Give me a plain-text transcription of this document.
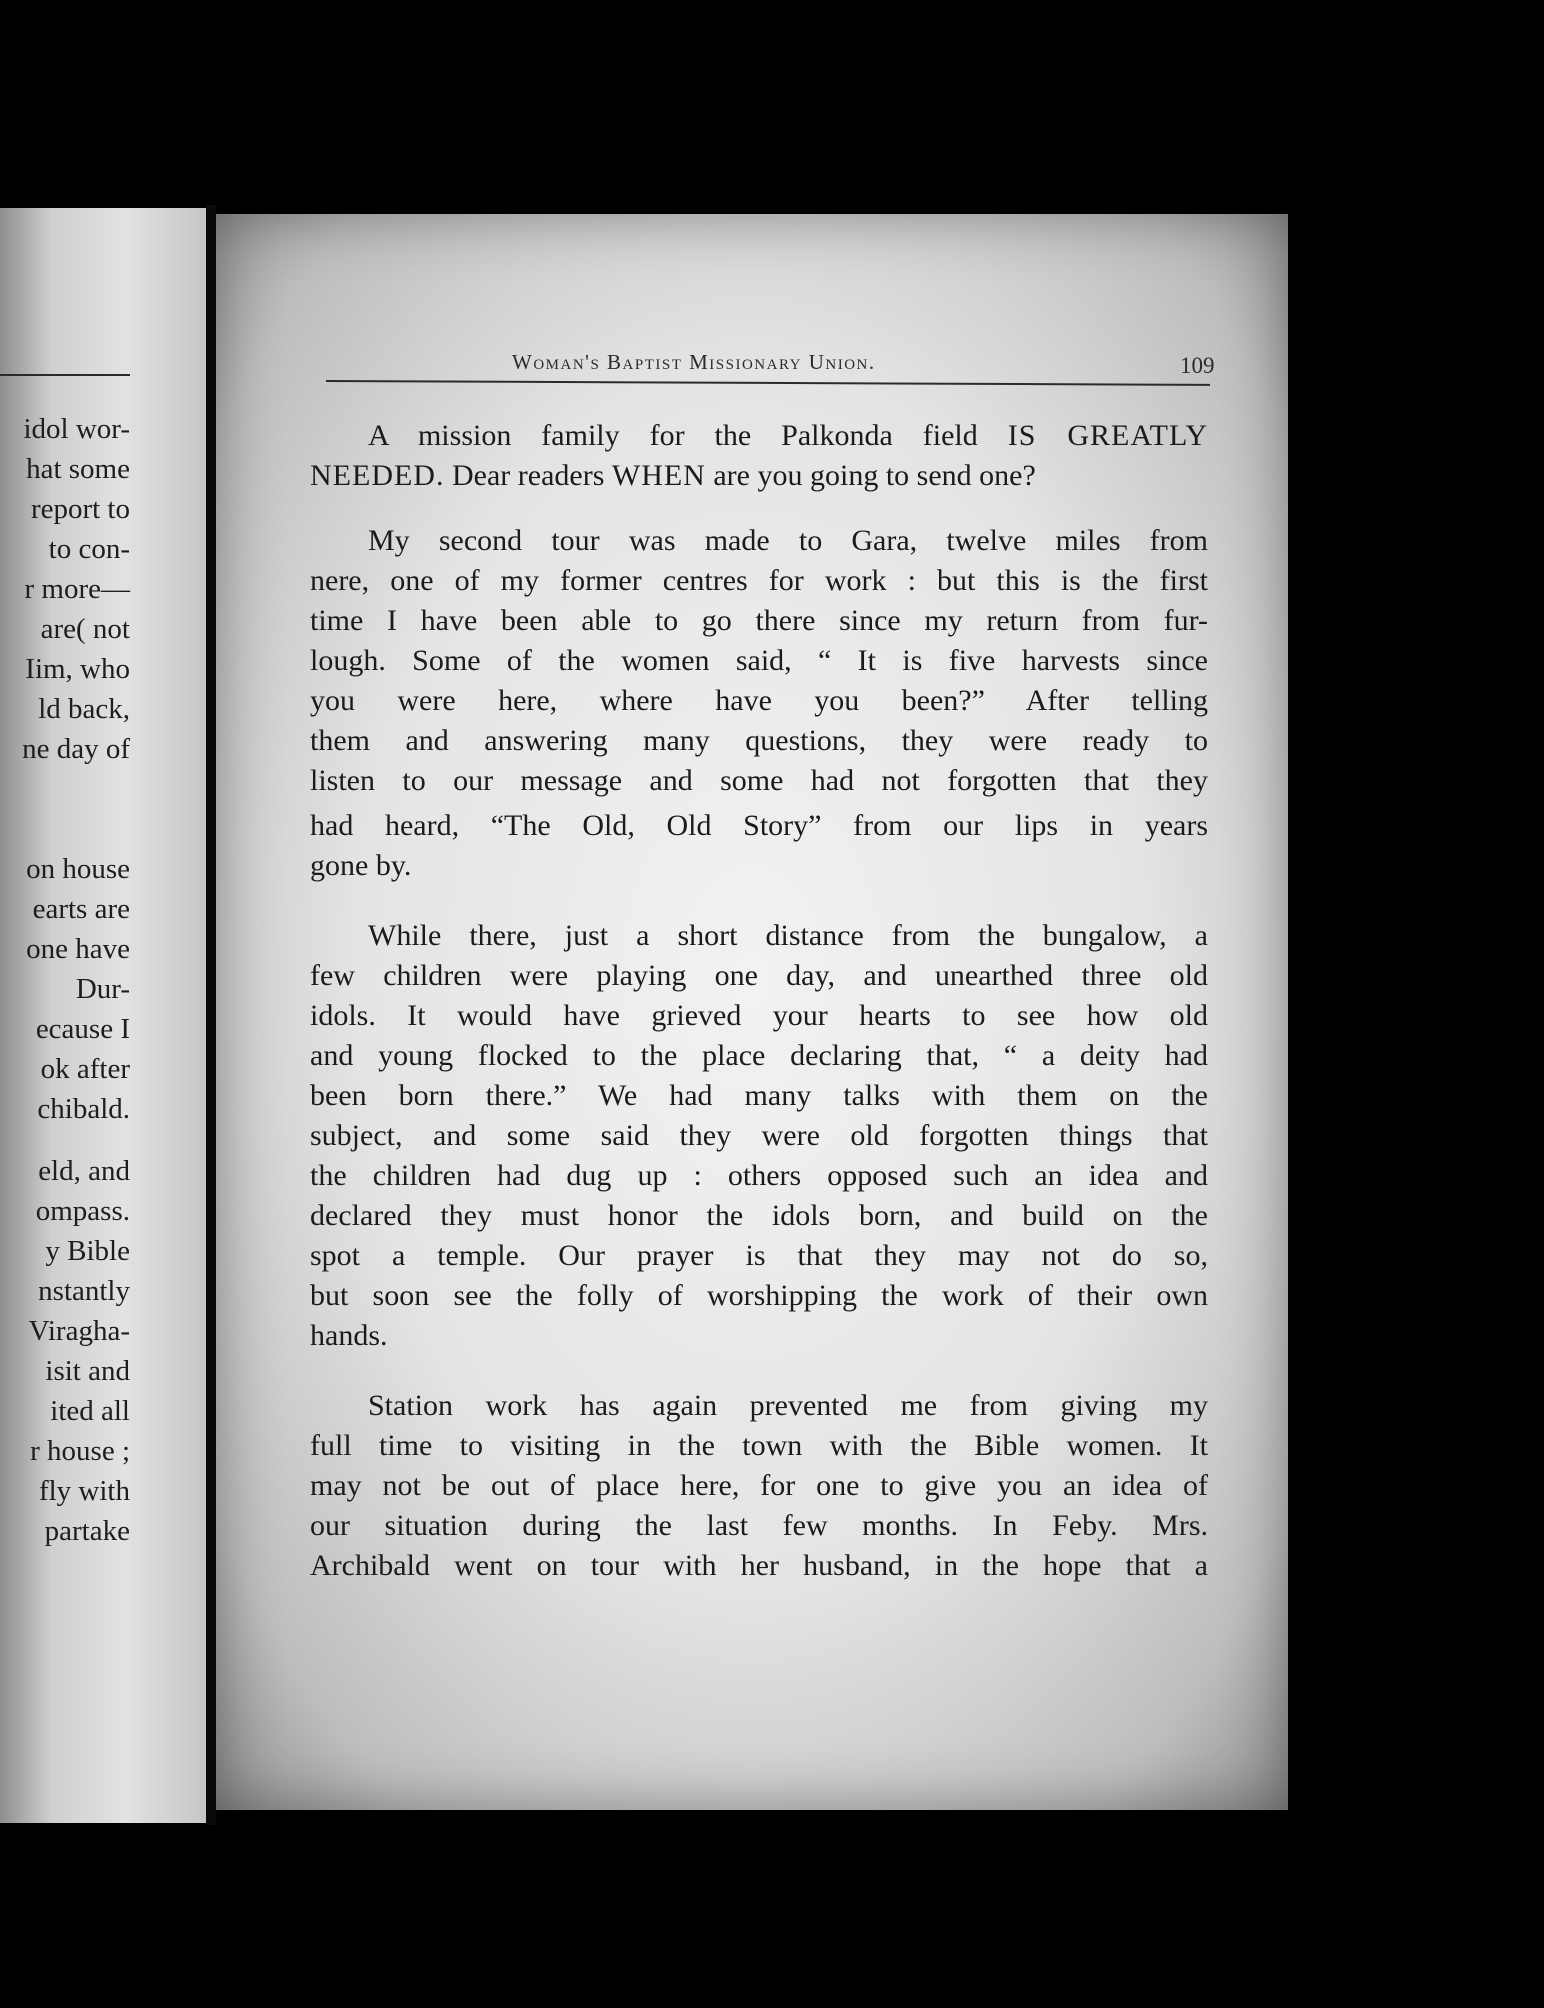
idol wor-
hat some
report to
to con-
r more—
are( not
Iim, who
ld back,
ne day of
on house
earts are
one have
Dur-
ecause I
ok after
chibald.
eld, and
ompass.
y Bible
nstantly
Viragha-
isit and
ited all
r house ;
fly with
partake
Woman's Baptist Missionary Union.	109
A mission family for the Palkonda field IS GREATLY
NEEDED. Dear readers WHEN are you going to send one?
My second tour was made to Gara, twelve miles from
nere, one of my former centres for work : but this is the first
time I have been able to go there since my return from fur-
lough. Some of the women said, “ It is five harvests since
you were here, where have you been?” After telling
them and answering many questions, they were ready to
listen to our message and some had not forgotten that they
had heard, “The Old, Old Story” from our lips in years
gone by.
While there, just a short distance from the bungalow, a
few children were playing one day, and unearthed three old
idols. It would have grieved your hearts to see how old
and young flocked to the place declaring that, “ a deity had
been born there.” We had many talks with them on the
subject, and some said they were old forgotten things that
the children had dug up : others opposed such an idea and
declared they must honor the idols born, and build on the
spot a temple. Our prayer is that they may not do so,
but soon see the folly of worshipping the work of their own
hands.
Station work has again prevented me from giving my
full time to visiting in the town with the Bible women. It
may not be out of place here, for one to give you an idea of
our situation during the last few months. In Feby. Mrs.
Archibald went on tour with her husband, in the hope that a
